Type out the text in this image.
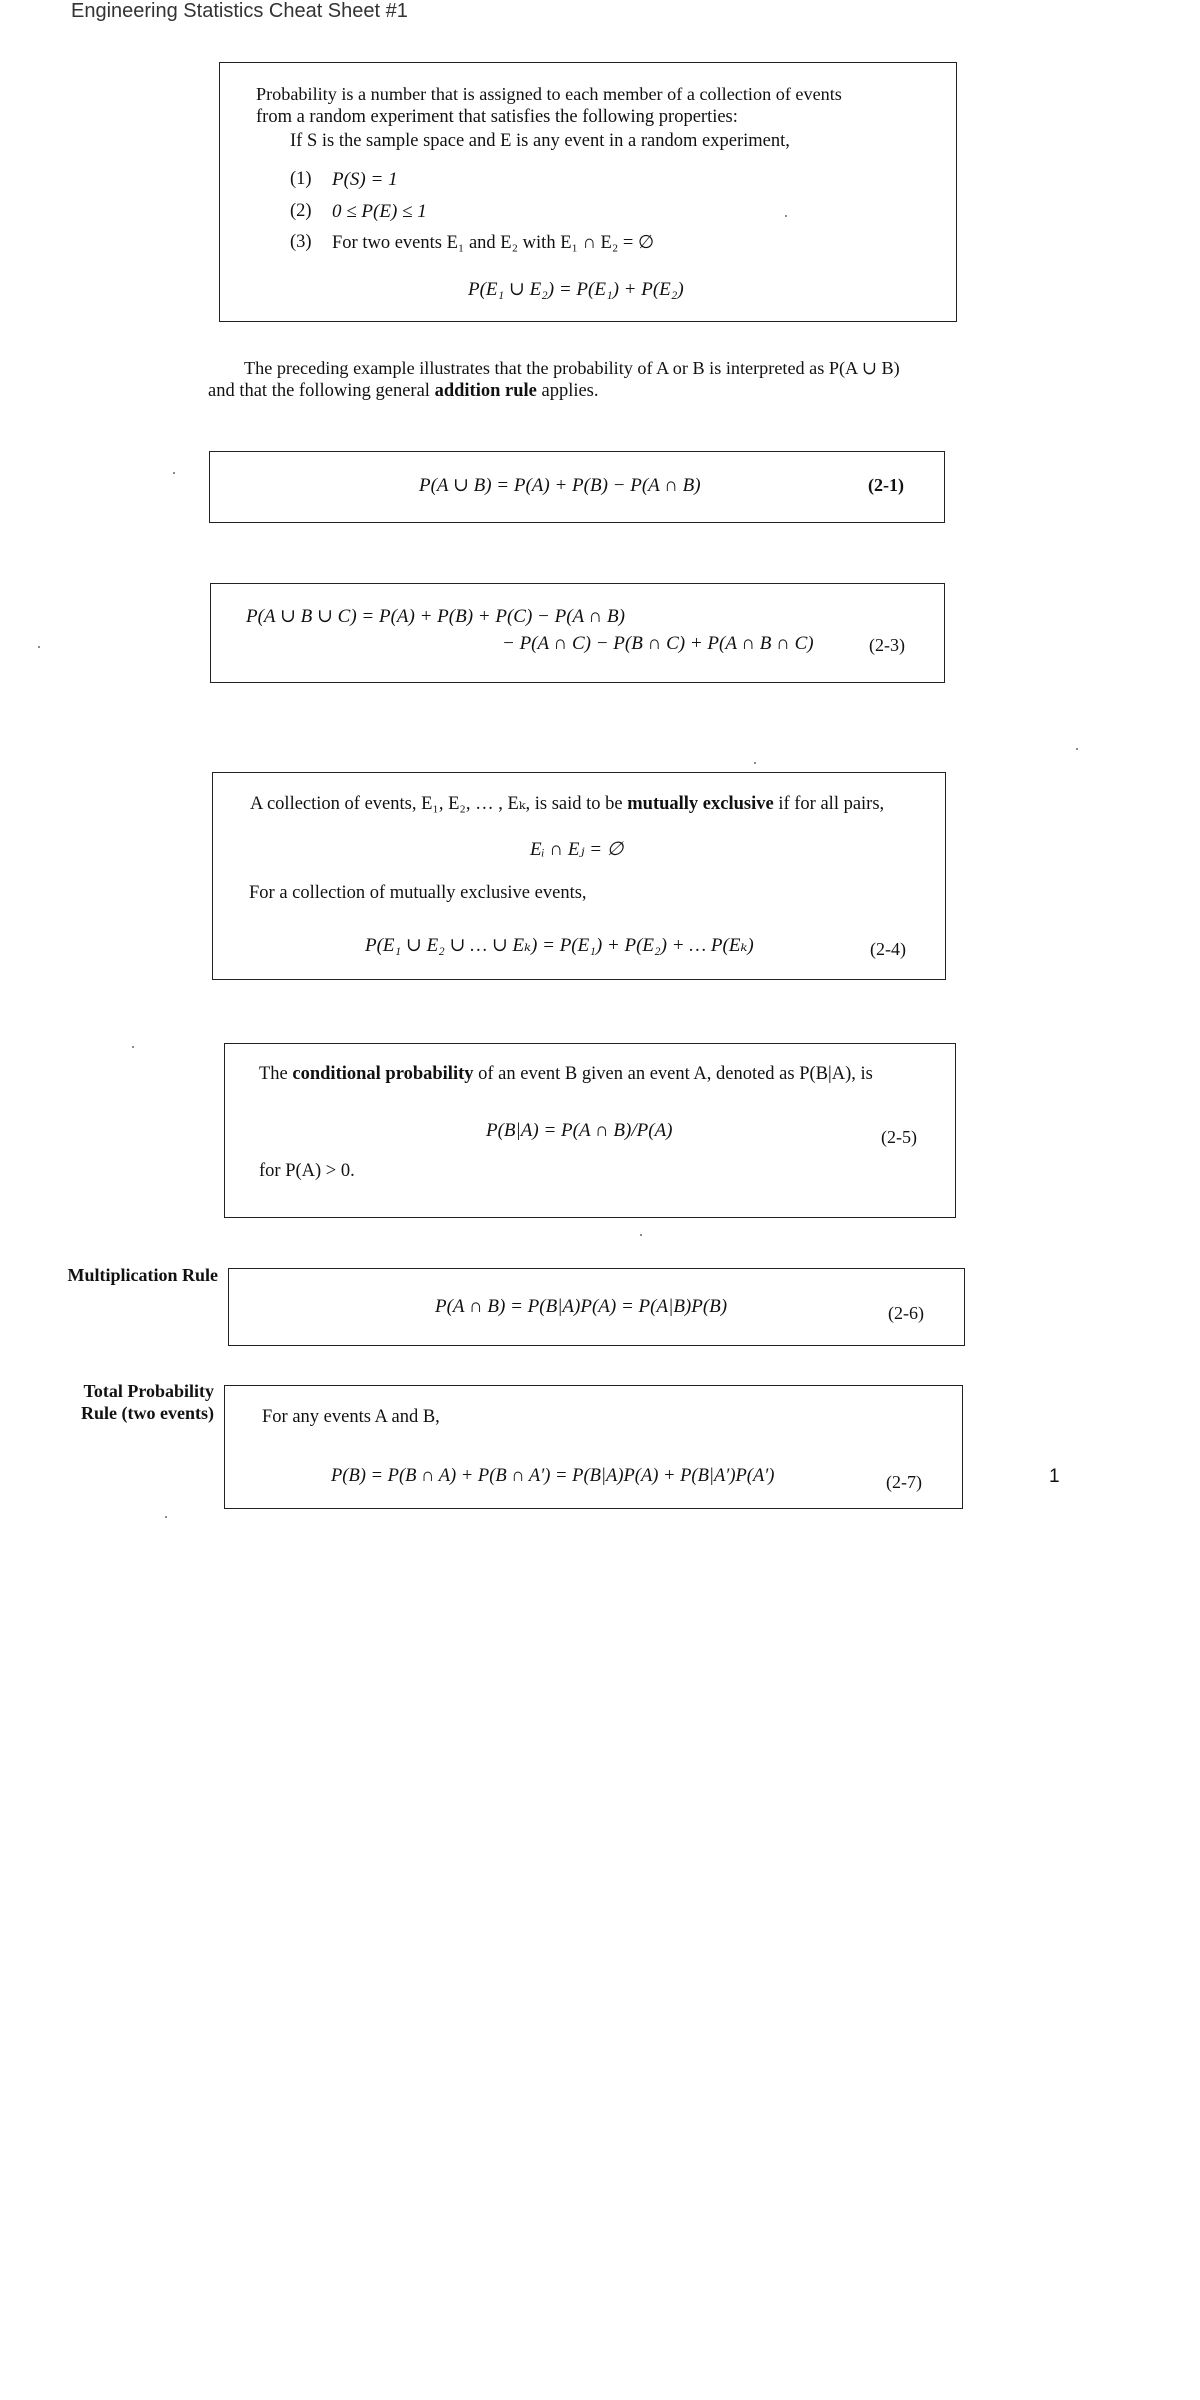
Engineering Statistics Cheat Sheet #1
Probability is a number that is assigned to each member of a collection of events
from a random experiment that satisfies the following properties:
If S is the sample space and E is any event in a random experiment,
(1) P(S) = 1
(2) 0 ≤ P(E) ≤ 1
(3) For two events E₁ and E₂ with E₁ ∩ E₂ = ∅
P(E₁ ∪ E₂) = P(E₁) + P(E₂)
The preceding example illustrates that the probability of A or B is interpreted as P(A ∪ B)
and that the following general addition rule applies.
P(A ∪ B) = P(A) + P(B) − P(A ∩ B)	(2-1)
P(A ∪ B ∪ C) = P(A) + P(B) + P(C) − P(A ∩ B)
− P(A ∩ C) − P(B ∩ C) + P(A ∩ B ∩ C)	(2-3)
A collection of events, E₁, E₂, … , Eₖ, is said to be mutually exclusive if for all pairs,
Eᵢ ∩ Eⱼ = ∅
For a collection of mutually exclusive events,
P(E₁ ∪ E₂ ∪ … ∪ Eₖ) = P(E₁) + P(E₂) + … P(Eₖ)	(2-4)
The conditional probability of an event B given an event A, denoted as P(B|A), is
P(B|A) = P(A ∩ B)/P(A)	(2-5)
for P(A) > 0.
Multiplication Rule
P(A ∩ B) = P(B|A)P(A) = P(A|B)P(B)	(2-6)
Total Probability
Rule (two events)	For any events A and B,
P(B) = P(B ∩ A) + P(B ∩ A′) = P(B|A)P(A) + P(B|A′)P(A′)	(2-7)	1
